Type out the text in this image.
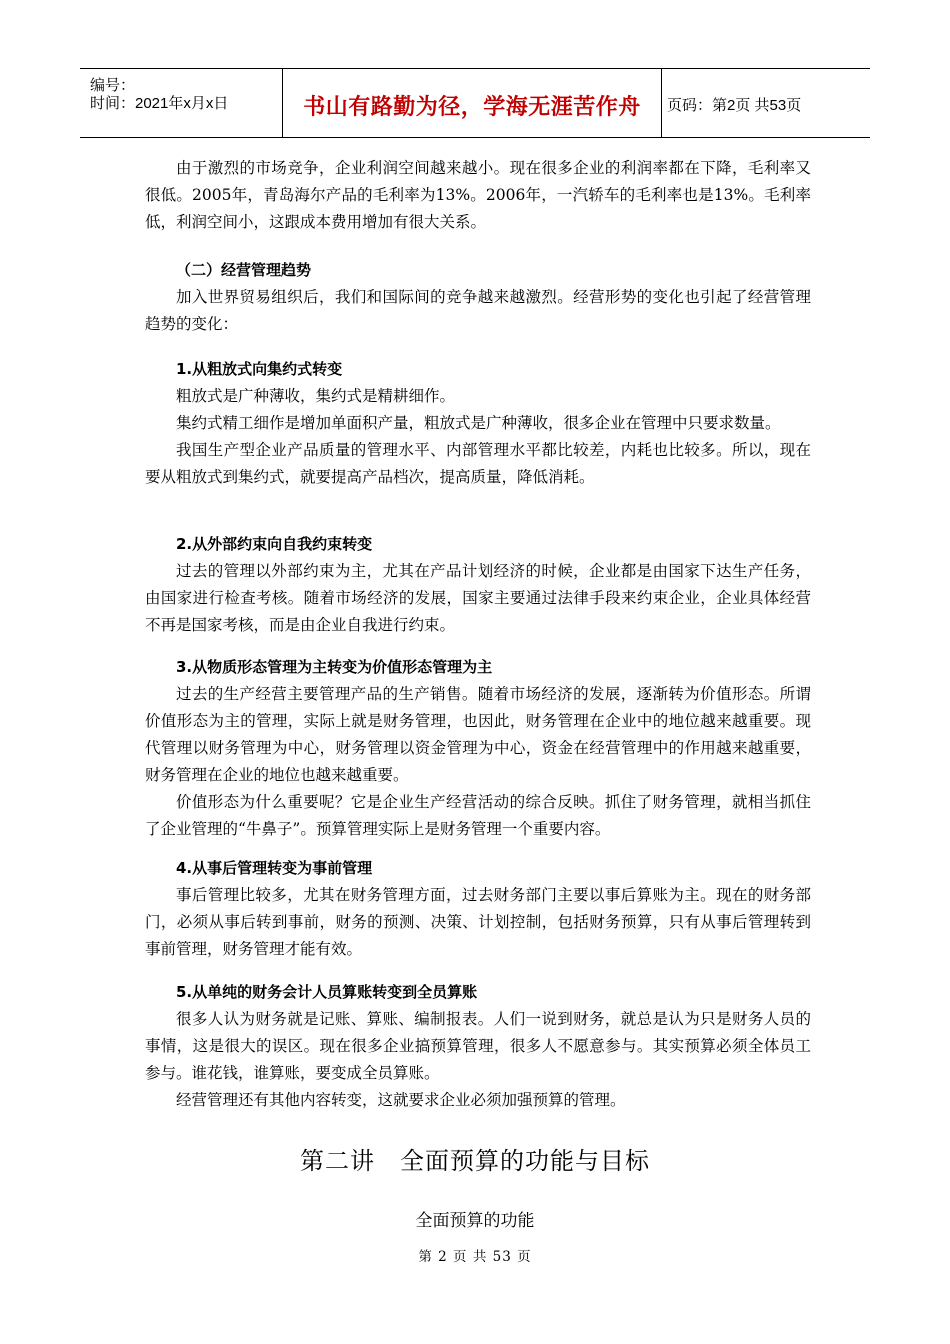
编号：
时间：2021年x月x日	书山有路勤为径，学海无涯苦作舟	页码：第2页 共53页

由于激烈的市场竞争，企业利润空间越来越小。现在很多企业的利润率都在下降，毛利率又很低。2005年，青岛海尔产品的毛利率为13%。2006年，一汽轿车的毛利率也是13%。毛利率低，利润空间小，这跟成本费用增加有很大关系。

（二）经营管理趋势

加入世界贸易组织后，我们和国际间的竞争越来越激烈。经营形势的变化也引起了经营管理趋势的变化：

1.从粗放式向集约式转变

粗放式是广种薄收，集约式是精耕细作。

集约式精工细作是增加单面积产量，粗放式是广种薄收，很多企业在管理中只要求数量。

我国生产型企业产品质量的管理水平、内部管理水平都比较差，内耗也比较多。所以，现在要从粗放式到集约式，就要提高产品档次，提高质量，降低消耗。

2.从外部约束向自我约束转变

过去的管理以外部约束为主，尤其在产品计划经济的时候，企业都是由国家下达生产任务，由国家进行检查考核。随着市场经济的发展，国家主要通过法律手段来约束企业，企业具体经营不再是国家考核，而是由企业自我进行约束。

3.从物质形态管理为主转变为价值形态管理为主

过去的生产经营主要管理产品的生产销售。随着市场经济的发展，逐渐转为价值形态。所谓价值形态为主的管理，实际上就是财务管理，也因此，财务管理在企业中的地位越来越重要。现代管理以财务管理为中心，财务管理以资金管理为中心，资金在经营管理中的作用越来越重要，财务管理在企业的地位也越来越重要。

价值形态为什么重要呢？它是企业生产经营活动的综合反映。抓住了财务管理，就相当抓住了企业管理的“牛鼻子”。预算管理实际上是财务管理一个重要内容。

4.从事后管理转变为事前管理

事后管理比较多，尤其在财务管理方面，过去财务部门主要以事后算账为主。现在的财务部门，必须从事后转到事前，财务的预测、决策、计划控制，包括财务预算，只有从事后管理转到事前管理，财务管理才能有效。

5.从单纯的财务会计人员算账转变到全员算账

很多人认为财务就是记账、算账、编制报表。人们一说到财务，就总是认为只是财务人员的事情，这是很大的误区。现在很多企业搞预算管理，很多人不愿意参与。其实预算必须全体员工参与。谁花钱，谁算账，要变成全员算账。

经营管理还有其他内容转变，这就要求企业必须加强预算的管理。

第二讲　全面预算的功能与目标
全面预算的功能
第 2 页 共 53 页
